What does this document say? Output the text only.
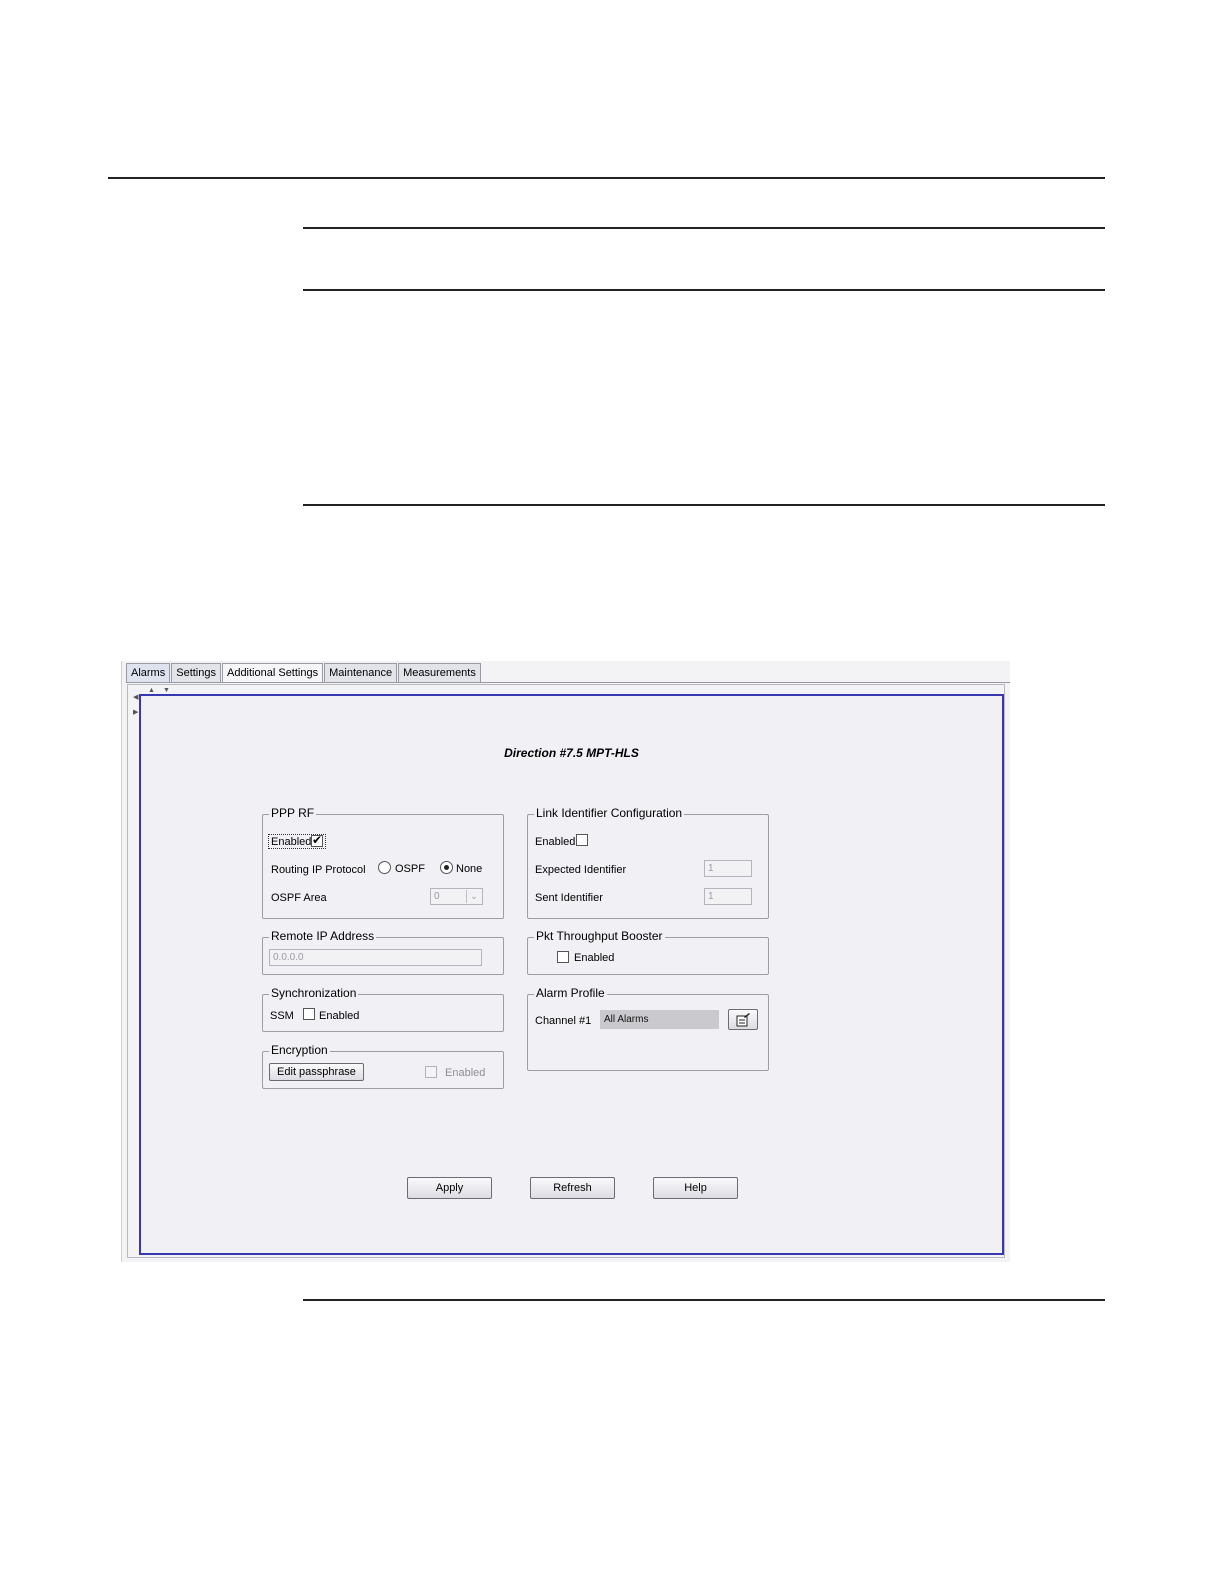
Alarms	Settings	Additional Settings	Maintenance	Measurements
▲ ▼
◀
▶
Direction #7.5 MPT-HLS
PPP RF
Enabled ✔
Routing IP Protocol	OSPF	None
OSPF Area	0	⌄
Link Identifier Configuration
Enabled
Expected Identifier	1
Sent Identifier	1
Remote IP Address
0.0.0.0
Pkt Throughput Booster
Enabled
Synchronization
SSM Enabled
Alarm Profile
Channel #1	All Alarms
Encryption
Edit passphrase	Enabled
Apply	Refresh	Help
